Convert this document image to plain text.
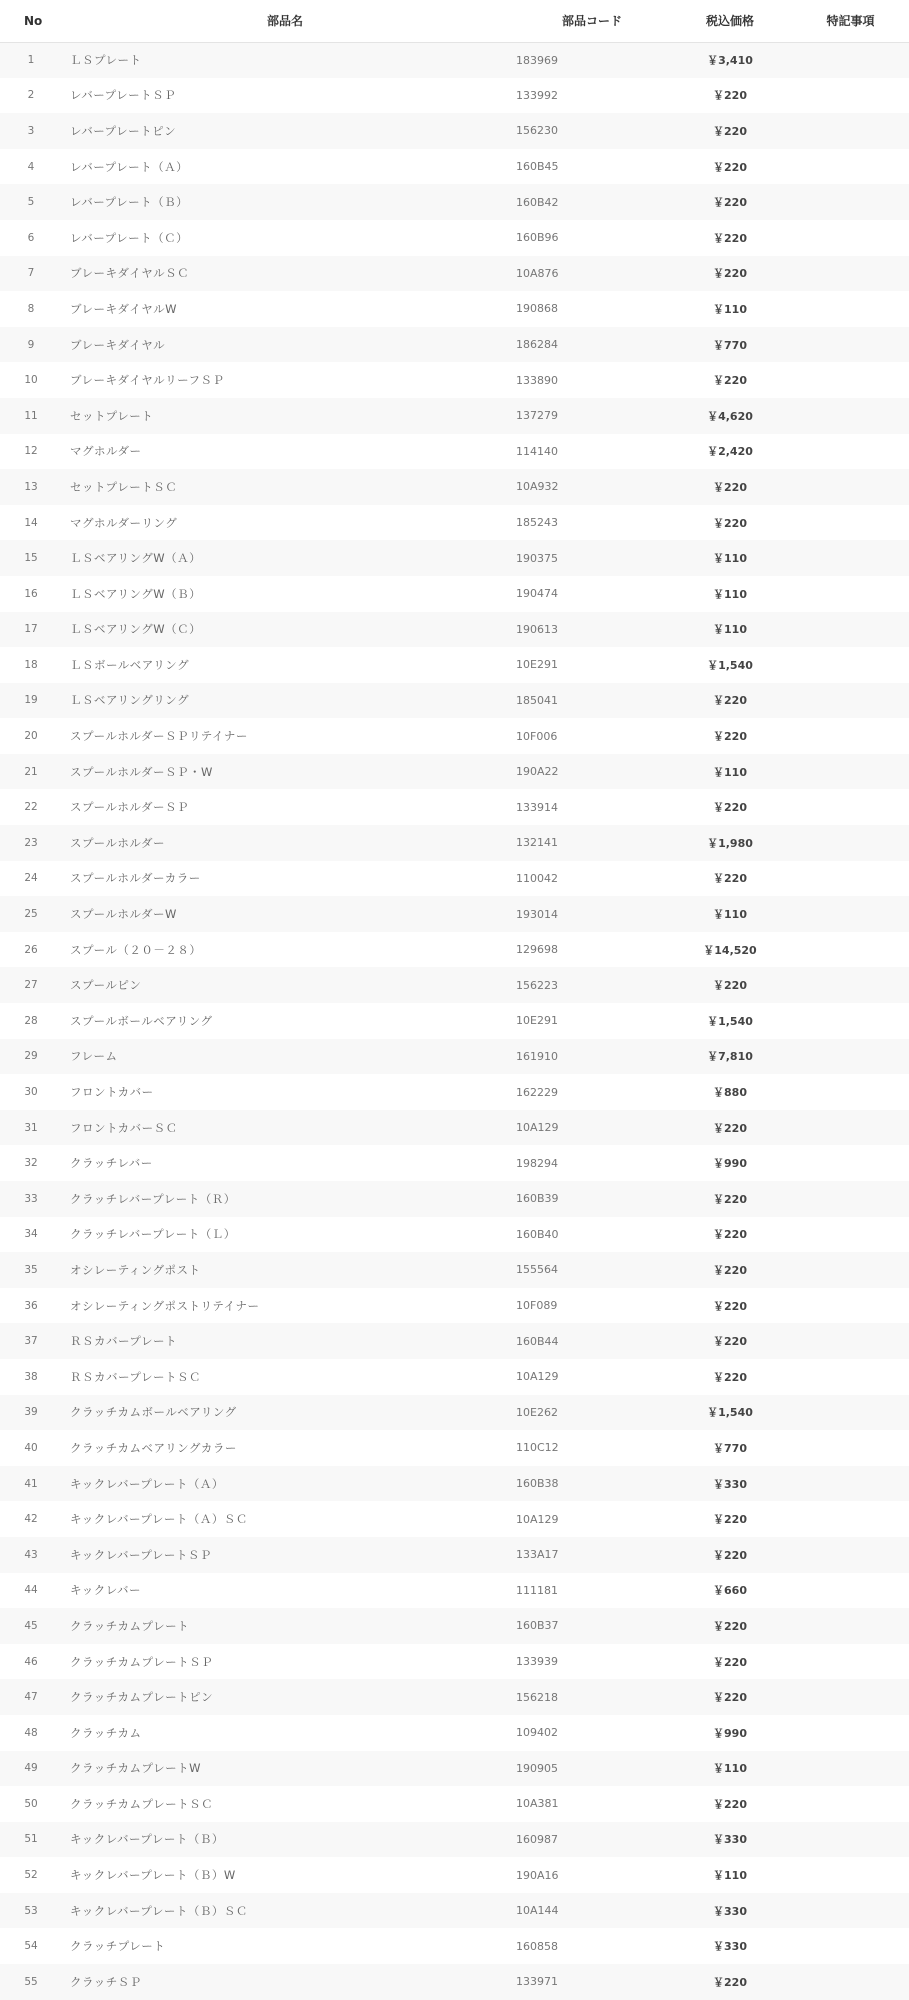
No	部品名	部品コード	税込価格	特記事項
1	ＬＳプレート	183969	￥3,410	
2	レバープレートＳＰ	133992	￥220	
3	レバープレートピン	156230	￥220	
4	レバープレート（Ａ）	160B45	￥220	
5	レバープレート（Ｂ）	160B42	￥220	
6	レバープレート（Ｃ）	160B96	￥220	
7	ブレーキダイヤルＳＣ	10A876	￥220	
8	ブレーキダイヤルW	190868	￥110	
9	ブレーキダイヤル	186284	￥770	
10	ブレーキダイヤルリーフＳＰ	133890	￥220	
11	セットプレート	137279	￥4,620	
12	マグホルダー	114140	￥2,420	
13	セットプレートＳＣ	10A932	￥220	
14	マグホルダーリング	185243	￥220	
15	ＬＳベアリングW（Ａ）	190375	￥110	
16	ＬＳベアリングW（Ｂ）	190474	￥110	
17	ＬＳベアリングW（Ｃ）	190613	￥110	
18	ＬＳボールベアリング	10E291	￥1,540	
19	ＬＳベアリングリング	185041	￥220	
20	スプールホルダーＳＰリテイナー	10F006	￥220	
21	スプールホルダーＳＰ・W	190A22	￥110	
22	スプールホルダーＳＰ	133914	￥220	
23	スプールホルダー	132141	￥1,980	
24	スプールホルダーカラー	110042	￥220	
25	スプールホルダーW	193014	￥110	
26	スプール（２０－２８）	129698	￥14,520	
27	スプールピン	156223	￥220	
28	スプールボールベアリング	10E291	￥1,540	
29	フレーム	161910	￥7,810	
30	フロントカバー	162229	￥880	
31	フロントカバーＳＣ	10A129	￥220	
32	クラッチレバー	198294	￥990	
33	クラッチレバープレート（Ｒ）	160B39	￥220	
34	クラッチレバープレート（Ｌ）	160B40	￥220	
35	オシレーティングポスト	155564	￥220	
36	オシレーティングポストリテイナー	10F089	￥220	
37	ＲＳカバープレート	160B44	￥220	
38	ＲＳカバープレートＳＣ	10A129	￥220	
39	クラッチカムボールベアリング	10E262	￥1,540	
40	クラッチカムベアリングカラー	110C12	￥770	
41	キックレバープレート（Ａ）	160B38	￥330	
42	キックレバープレート（Ａ）ＳＣ	10A129	￥220	
43	キックレバープレートＳＰ	133A17	￥220	
44	キックレバー	111181	￥660	
45	クラッチカムプレート	160B37	￥220	
46	クラッチカムプレートＳＰ	133939	￥220	
47	クラッチカムプレートピン	156218	￥220	
48	クラッチカム	109402	￥990	
49	クラッチカムプレートW	190905	￥110	
50	クラッチカムプレートＳＣ	10A381	￥220	
51	キックレバープレート（Ｂ）	160987	￥330	
52	キックレバープレート（Ｂ）W	190A16	￥110	
53	キックレバープレート（Ｂ）ＳＣ	10A144	￥330	
54	クラッチプレート	160858	￥330	
55	クラッチＳＰ	133971	￥220	
